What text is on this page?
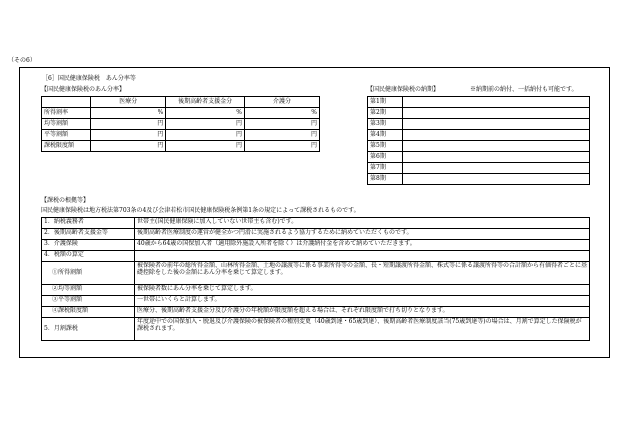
（その6）
［6］国民健康保険税　あん分率等
【国民健康保険税のあん分率】
	医療分	後期高齢者支援金分	介護分
所得割率	%	%	%
均等割額	円	円	円
平等割額	円	円	円
課税限度額	円	円	円
【国民健康保険税の納期】	※納期前の納付、一括納付も可能です。
第1期	
第2期	
第3期	
第4期	
第5期	
第6期	
第7期	
第8期	
【課税の根拠等】
国民健康保険税は地方税法第703条の4及び会津若松市国民健康保険税条例第1条の規定によって課税されるものです。
1．納税義務者	世帯主(国民健康保険に加入していない世帯主も含む)です。
2．後期高齢者支援金等	後期高齢者医療制度の運営が健全かつ円滑に実施されるよう協力するために納めていただくものです。
3．介護保険	40歳から64歳の国保加入者（適用除外施設入所者を除く）は介護納付金を含めて納めていただきます。
4．税額の算定	
①所得割額	被保険者の前年の総所得金額、山林所得金額、土地の譲渡等に係る事業所得等の金額、長・短期譲渡所得金額、株式等に係る譲渡所得等の合計額から有価得者ごとに基礎控除をした後の金額にあん分率を乗じて算定します。
②均等割額	被保険者数にあん分率を乗じて算定します。
③平等割額	一世帯にいくらと計算します。
④課税限度額	医療分、後期高齢者支援金分及び介護分の年税額が限度額を超える場合は、それぞれ限度額で打ち切りとなります。
5．月割課税	年度途中での国保加入・脱退及び介護保険の被保険者の種別変更（40歳到達・65歳到達）、後期高齢者医療制度該当(75歳到達等)の場合は、月割で算定した保険税が課税されます。
